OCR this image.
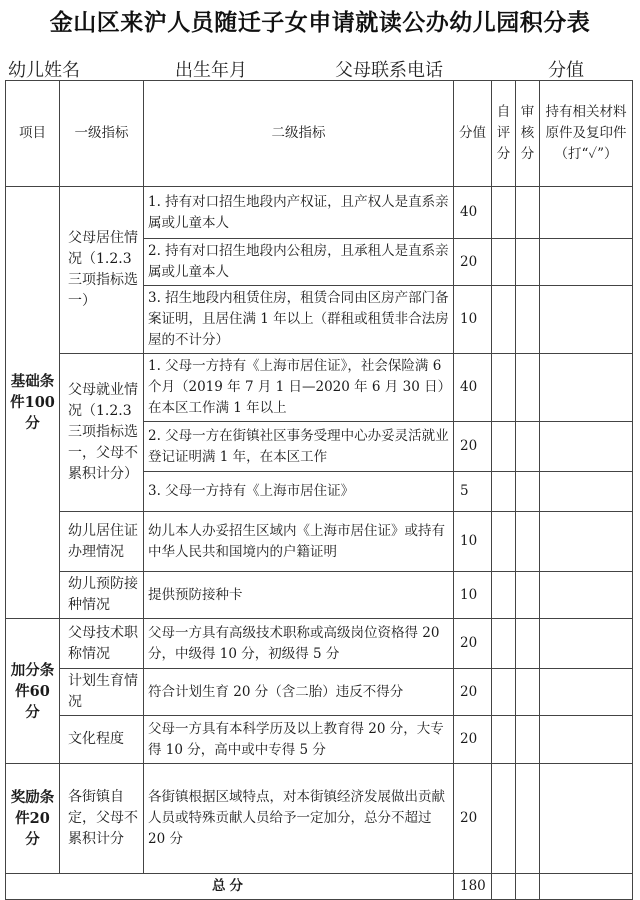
金山区来沪人员随迁子女申请就读公办幼儿园积分表
幼儿姓名	出生年月	父母联系电话	分值
项目	一级指标	二级指标	分值	自评分	审核分	持有相关材料原件及复印件（打“✓”）
基础条件100分	父母居住情况（1.2.3三项指标选一）	1. 持有对口招生地段内产权证，且产权人是直系亲属或儿童本人	40			
		2. 持有对口招生地段内公租房，且承租人是直系亲属或儿童本人	20			
		3. 招生地段内租赁住房，租赁合同由区房产部门备案证明，且居住满 1 年以上（群租或租赁非合法房屋的不计分）	10			
	父母就业情况（1.2.3三项指标选一，父母不累积计分）	1. 父母一方持有《上海市居住证》，社会保险满 6 个月（2019 年 7 月 1 日—2020 年 6 月 30 日）在本区工作满 1 年以上	40			
		2. 父母一方在街镇社区事务受理中心办妥灵活就业登记证明满 1 年，在本区工作	20			
		3. 父母一方持有《上海市居住证》	5			
	幼儿居住证办理情况	幼儿本人办妥招生区域内《上海市居住证》或持有中华人民共和国境内的户籍证明	10			
	幼儿预防接种情况	提供预防接种卡	10			
加分条件60分	父母技术职称情况	父母一方具有高级技术职称或高级岗位资格得 20 分，中级得 10 分，初级得 5 分	20			
	计划生育情况	符合计划生育 20 分（含二胎）违反不得分	20			
	文化程度	父母一方具有本科学历及以上教育得 20 分，大专得 10 分，高中或中专得 5 分	20			
奖励条件20分	各街镇自定，父母不累积计分	各街镇根据区域特点，对本街镇经济发展做出贡献人员或特殊贡献人员给予一定加分，总分不超过 20 分	20			
总分			180			
